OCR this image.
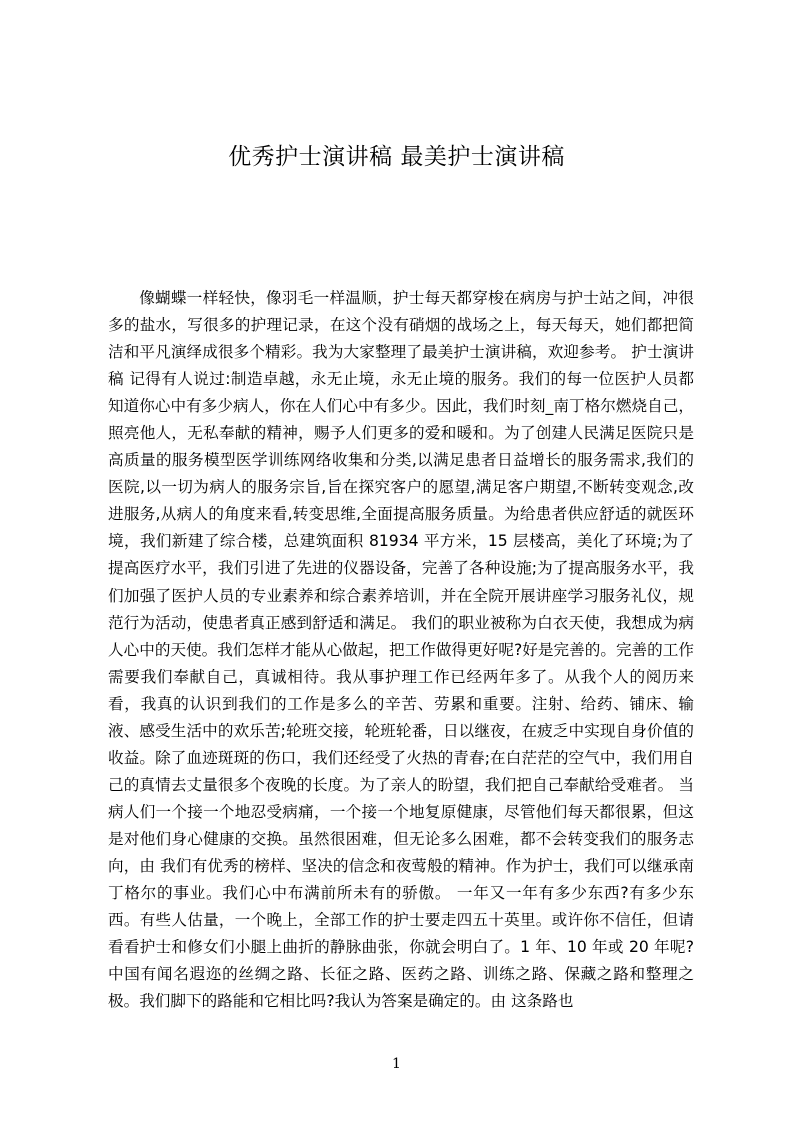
优秀护士演讲稿 最美护士演讲稿

像蝴蝶一样轻快，像羽毛一样温顺，护士每天都穿梭在病房与护士站之间，冲很多的盐水，写很多的护理记录，在这个没有硝烟的战场之上，每天每天，她们都把简洁和平凡演绎成很多个精彩。我为大家整理了最美护士演讲稿，欢迎参考。 护士演讲稿 记得有人说过:制造卓越，永无止境，永无止境的服务。我们的每一位医护人员都知道你心中有多少病人，你在人们心中有多少。因此，我们时刻_南丁格尔燃烧自己，照亮他人，无私奉献的精神，赐予人们更多的爱和暖和。为了创建人民满足医院只是高质量的服务模型医学训练网络收集和分类,以满足患者日益增长的服务需求,我们的医院,以一切为病人的服务宗旨,旨在探究客户的愿望,满足客户期望,不断转变观念,改进服务,从病人的角度来看,转变思维,全面提高服务质量。为给患者供应舒适的就医环境，我们新建了综合楼，总建筑面积 81934 平方米，15 层楼高，美化了环境;为了提高医疗水平，我们引进了先进的仪器设备，完善了各种设施;为了提高服务水平，我们加强了医护人员的专业素养和综合素养培训，并在全院开展讲座学习服务礼仪，规范行为活动，使患者真正感到舒适和满足。 我们的职业被称为白衣天使，我想成为病人心中的天使。我们怎样才能从心做起，把工作做得更好呢?好是完善的。完善的工作需要我们奉献自己，真诚相待。我从事护理工作已经两年多了。从我个人的阅历来看，我真的认识到我们的工作是多么的辛苦、劳累和重要。注射、给药、铺床、输液、感受生活中的欢乐苦;轮班交接，轮班轮番，日以继夜，在疲乏中实现自身价值的收益。除了血迹斑斑的伤口，我们还经受了火热的青春;在白茫茫的空气中，我们用自己的真情去丈量很多个夜晚的长度。为了亲人的盼望，我们把自己奉献给受难者。 当病人们一个接一个地忍受病痛，一个接一个地复原健康，尽管他们每天都很累，但这是对他们身心健康的交换。虽然很困难，但无论多么困难，都不会转变我们的服务志向，由 我们有优秀的榜样、坚决的信念和夜莺般的精神。作为护士，我们可以继承南丁格尔的事业。我们心中布满前所未有的骄傲。 一年又一年有多少东西?有多少东西。有些人估量，一个晚上，全部工作的护士要走四五十英里。或许你不信任，但请看看护士和修女们小腿上曲折的静脉曲张，你就会明白了。1 年、10 年或 20 年呢?中国有闻名遐迩的丝绸之路、长征之路、医药之路、训练之路、保藏之路和整理之极。我们脚下的路能和它相比吗?我认为答案是确定的。由 这条路也

1
